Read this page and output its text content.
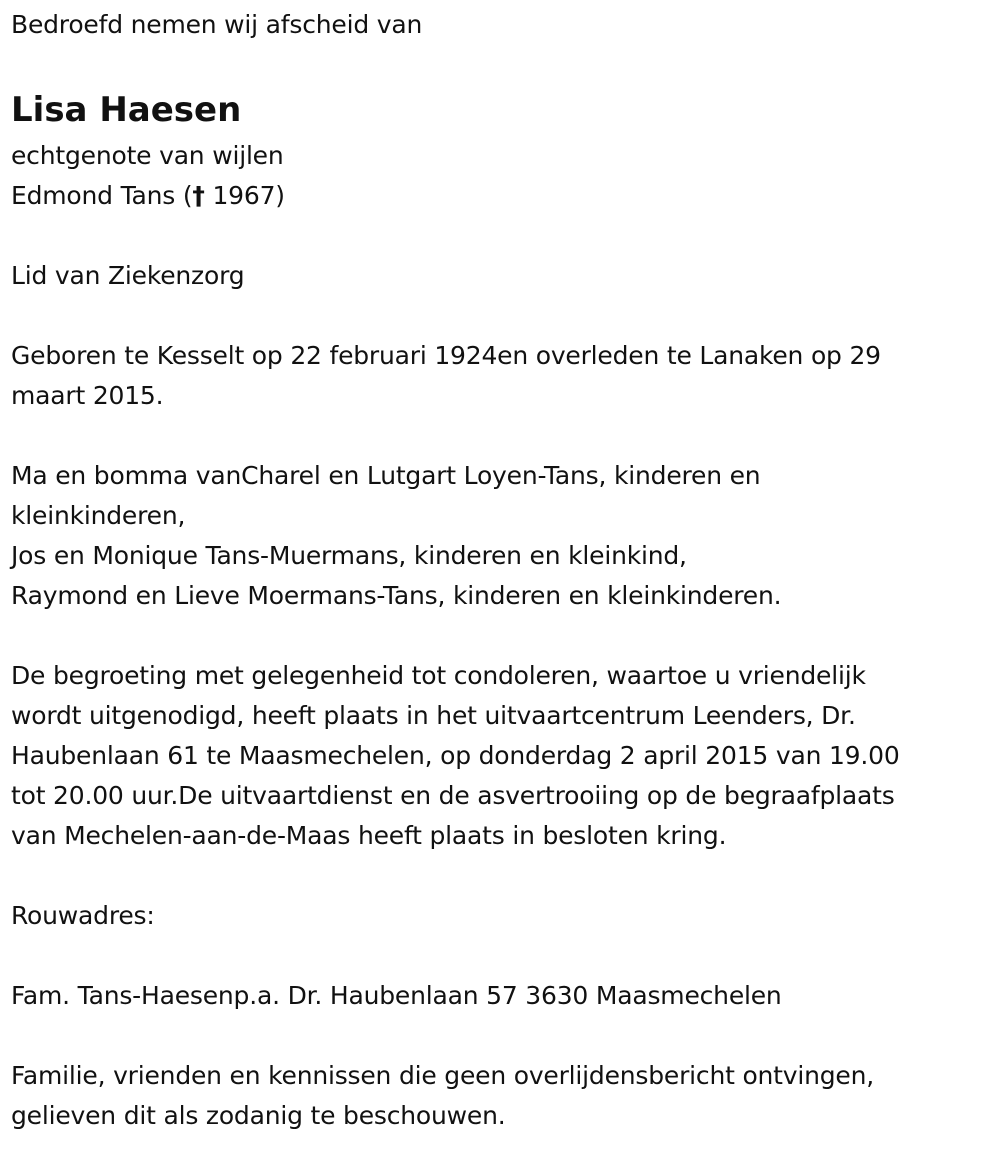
Bedroefd nemen wij afscheid van
Lisa Haesen
echtgenote van wijlen
Edmond Tans († 1967)
Lid van Ziekenzorg
Geboren te Kesselt op 22 februari 1924en overleden te Lanaken op 29
maart 2015.
Ma en bomma vanCharel en Lutgart Loyen-Tans, kinderen en
kleinkinderen,
Jos en Monique Tans-Muermans, kinderen en kleinkind,
Raymond en Lieve Moermans-Tans, kinderen en kleinkinderen.
De begroeting met gelegenheid tot condoleren, waartoe u vriendelijk
wordt uitgenodigd, heeft plaats in het uitvaartcentrum Leenders, Dr.
Haubenlaan 61 te Maasmechelen, op donderdag 2 april 2015 van 19.00
tot 20.00 uur.De uitvaartdienst en de asvertrooiing op de begraafplaats
van Mechelen-aan-de-Maas heeft plaats in besloten kring.
Rouwadres:
Fam. Tans-Haesenp.a. Dr. Haubenlaan 57 3630 Maasmechelen
Familie, vrienden en kennissen die geen overlijdensbericht ontvingen,
gelieven dit als zodanig te beschouwen.
